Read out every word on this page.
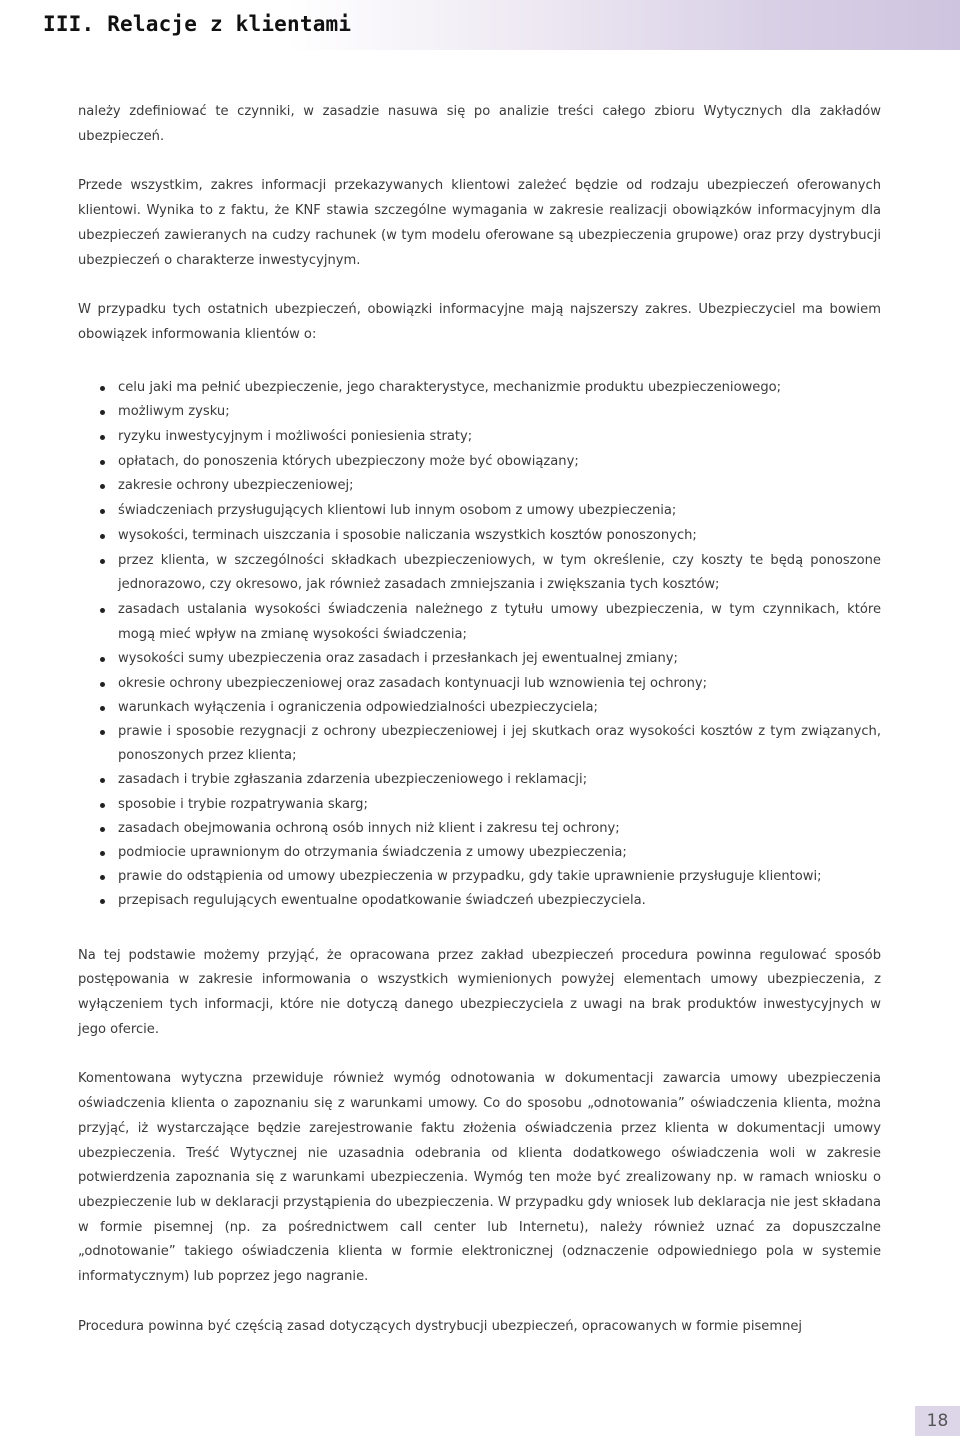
III. Relacje z klientami

należy zdefiniować te czynniki, w zasadzie nasuwa się po analizie treści całego zbioru Wytycznych dla zakładów ubezpieczeń.

Przede wszystkim, zakres informacji przekazywanych klientowi zależeć będzie od rodzaju ubezpieczeń oferowanych klientowi. Wynika to z faktu, że KNF stawia szczególne wymagania w zakresie realizacji obowiązków informacyjnym dla ubezpieczeń zawieranych na cudzy rachunek (w tym modelu oferowane są ubezpieczenia grupowe) oraz przy dystrybucji ubezpieczeń o charakterze inwestycyjnym.

W przypadku tych ostatnich ubezpieczeń, obowiązki informacyjne mają najszerszy zakres. Ubezpieczyciel ma bowiem obowiązek informowania klientów o:

celu jaki ma pełnić ubezpieczenie, jego charakterystyce, mechanizmie produktu ubezpieczeniowego;
możliwym zysku;
ryzyku inwestycyjnym i możliwości poniesienia straty;
opłatach, do ponoszenia których ubezpieczony może być obowiązany;
zakresie ochrony ubezpieczeniowej;
świadczeniach przysługujących klientowi lub innym osobom z umowy ubezpieczenia;
wysokości, terminach uiszczania i sposobie naliczania wszystkich kosztów ponoszonych;
przez klienta, w szczególności składkach ubezpieczeniowych, w tym określenie, czy koszty te będą ponoszone jednorazowo, czy okresowo, jak również zasadach zmniejszania i zwiększania tych kosztów;
zasadach ustalania wysokości świadczenia należnego z tytułu umowy ubezpieczenia, w tym czynnikach, które mogą mieć wpływ na zmianę wysokości świadczenia;
wysokości sumy ubezpieczenia oraz zasadach i przesłankach jej ewentualnej zmiany;
okresie ochrony ubezpieczeniowej oraz zasadach kontynuacji lub wznowienia tej ochrony;
warunkach wyłączenia i ograniczenia odpowiedzialności ubezpieczyciela;
prawie i sposobie rezygnacji z ochrony ubezpieczeniowej i jej skutkach oraz wysokości kosztów z tym związanych, ponoszonych przez klienta;
zasadach i trybie zgłaszania zdarzenia ubezpieczeniowego i reklamacji;
sposobie i trybie rozpatrywania skarg;
zasadach obejmowania ochroną osób innych niż klient i zakresu tej ochrony;
podmiocie uprawnionym do otrzymania świadczenia z umowy ubezpieczenia;
prawie do odstąpienia od umowy ubezpieczenia w przypadku, gdy takie uprawnienie przysługuje klientowi;
przepisach regulujących ewentualne opodatkowanie świadczeń ubezpieczyciela.

Na tej podstawie możemy przyjąć, że opracowana przez zakład ubezpieczeń procedura powinna regulować sposób postępowania w zakresie informowania o wszystkich wymienionych powyżej elementach umowy ubezpieczenia, z wyłączeniem tych informacji, które nie dotyczą danego ubezpieczyciela z uwagi na brak produktów inwestycyjnych w jego ofercie.

Komentowana wytyczna przewiduje również wymóg odnotowania w dokumentacji zawarcia umowy ubezpieczenia oświadczenia klienta o zapoznaniu się z warunkami umowy. Co do sposobu „odnotowania” oświadczenia klienta, można przyjąć, iż wystarczające będzie zarejestrowanie faktu złożenia oświadczenia przez klienta w dokumentacji umowy ubezpieczenia. Treść Wytycznej nie uzasadnia odebrania od klienta dodatkowego oświadczenia woli w zakresie potwierdzenia zapoznania się z warunkami ubezpieczenia. Wymóg ten może być zrealizowany np. w ramach wniosku o ubezpieczenie lub w deklaracji przystąpienia do ubezpieczenia. W przypadku gdy wniosek lub deklaracja nie jest składana w formie pisemnej (np. za pośrednictwem call center lub Internetu), należy również uznać za dopuszczalne „odnotowanie” takiego oświadczenia klienta w formie elektronicznej (odznaczenie odpowiedniego pola w systemie informatycznym) lub poprzez jego nagranie.

Procedura powinna być częścią zasad dotyczących dystrybucji ubezpieczeń, opracowanych w formie pisemnej

18
